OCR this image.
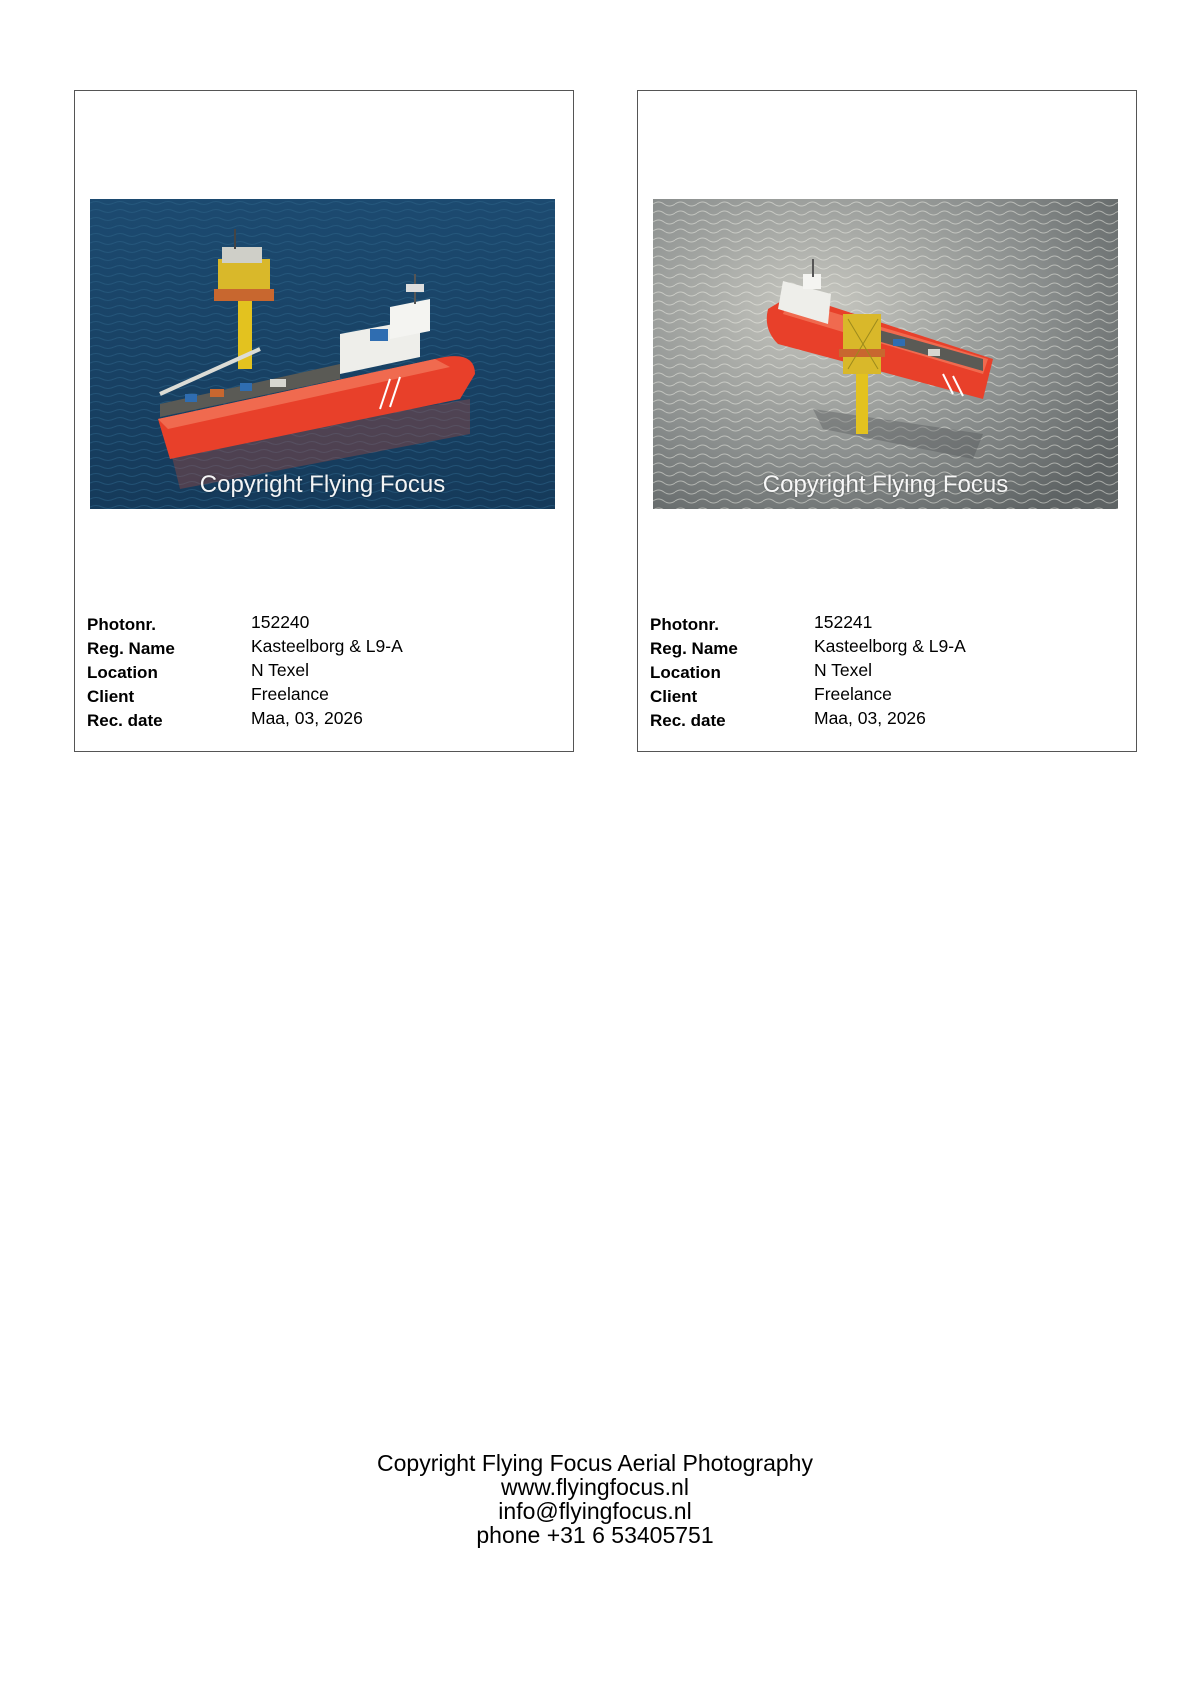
Copyright Flying Focus
Photonr.	152240
Reg. Name	Kasteelborg & L9-A
Location	N Texel
Client	Freelance
Rec. date	Maa, 03, 2026
Copyright Flying Focus
Photonr.	152241
Reg. Name	Kasteelborg & L9-A
Location	N Texel
Client	Freelance
Rec. date	Maa, 03, 2026
Copyright Flying Focus Aerial Photography
www.flyingfocus.nl
info@flyingfocus.nl
phone +31 6 53405751
